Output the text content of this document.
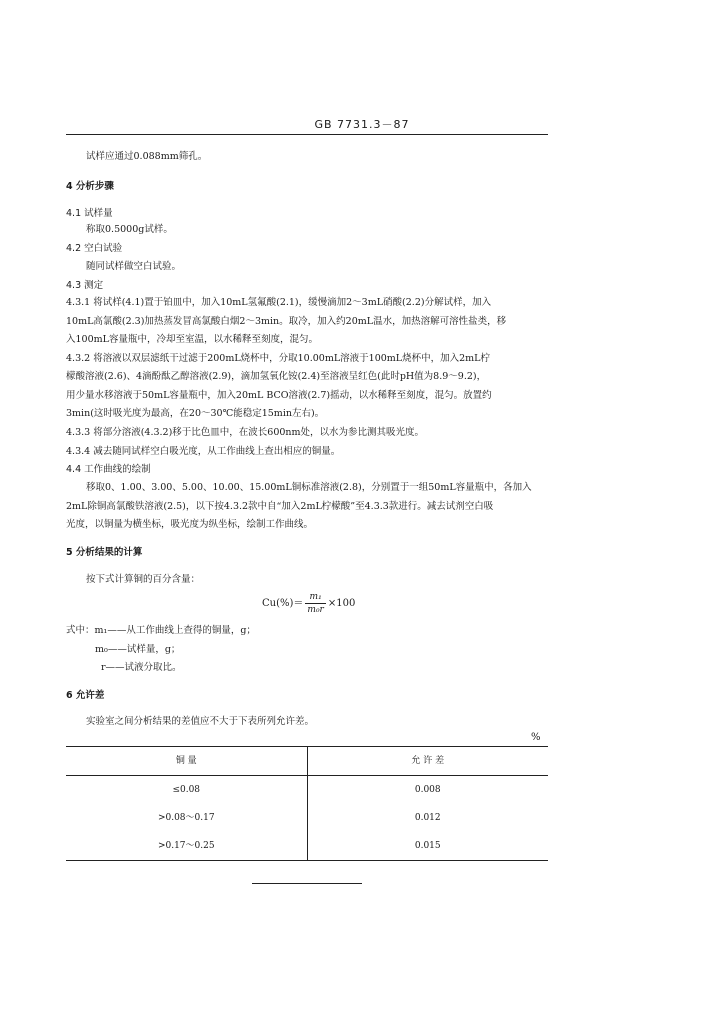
GB 7731.3－87
试样应通过0.088mm筛孔。
4 分析步骤
4.1 试样量
称取0.5000g试样。
4.2 空白试验
随同试样做空白试验。
4.3 测定
4.3.1 将试样(4.1)置于铂皿中，加入10mL氢氟酸(2.1)，缓慢滴加2～3mL硝酸(2.2)分解试样，加入
10mL高氯酸(2.3)加热蒸发冒高氯酸白烟2～3min。取冷，加入约20mL温水，加热溶解可溶性盐类，移
入100mL容量瓶中，冷却至室温，以水稀释至刻度，混匀。
4.3.2 将溶液以双层滤纸干过滤于200mL烧杯中，分取10.00mL溶液于100mL烧杯中，加入2mL柠
檬酸溶液(2.6)、4滴酚酞乙醇溶液(2.9)，滴加氢氧化铵(2.4)至溶液呈红色(此时pH值为8.9～9.2)，
用少量水移溶液于50mL容量瓶中，加入20mL BCO溶液(2.7)摇动，以水稀释至刻度，混匀。放置约
3min(这时吸光度为最高，在20～30℃能稳定15min左右)。
4.3.3 将部分溶液(4.3.2)移于比色皿中，在波长600nm处，以水为参比测其吸光度。
4.3.4 减去随同试样空白吸光度，从工作曲线上查出相应的铜量。
4.4 工作曲线的绘制
移取0、1.00、3.00、5.00、10.00、15.00mL铜标准溶液(2.8)，分别置于一组50mL容量瓶中，各加入
2mL除铜高氯酸铁溶液(2.5)，以下按4.3.2款中自“加入2mL柠檬酸”至4.3.3款进行。减去试剂空白吸
光度，以铜量为横坐标，吸光度为纵坐标，绘制工作曲线。
5 分析结果的计算
按下式计算铜的百分含量：
式中：m₁——从工作曲线上查得的铜量，g；
m₀——试样量，g；
r——试液分取比。
6 允许差
实验室之间分析结果的差值应不大于下表所列允许差。
$Cu(\%)= \frac{\text{m₁}}{\text{m₀r}} \times 100$
%
铜 量	允 许 差
≤0.08	0.008
>0.08～0.17	0.012
>0.17～0.25	0.015
